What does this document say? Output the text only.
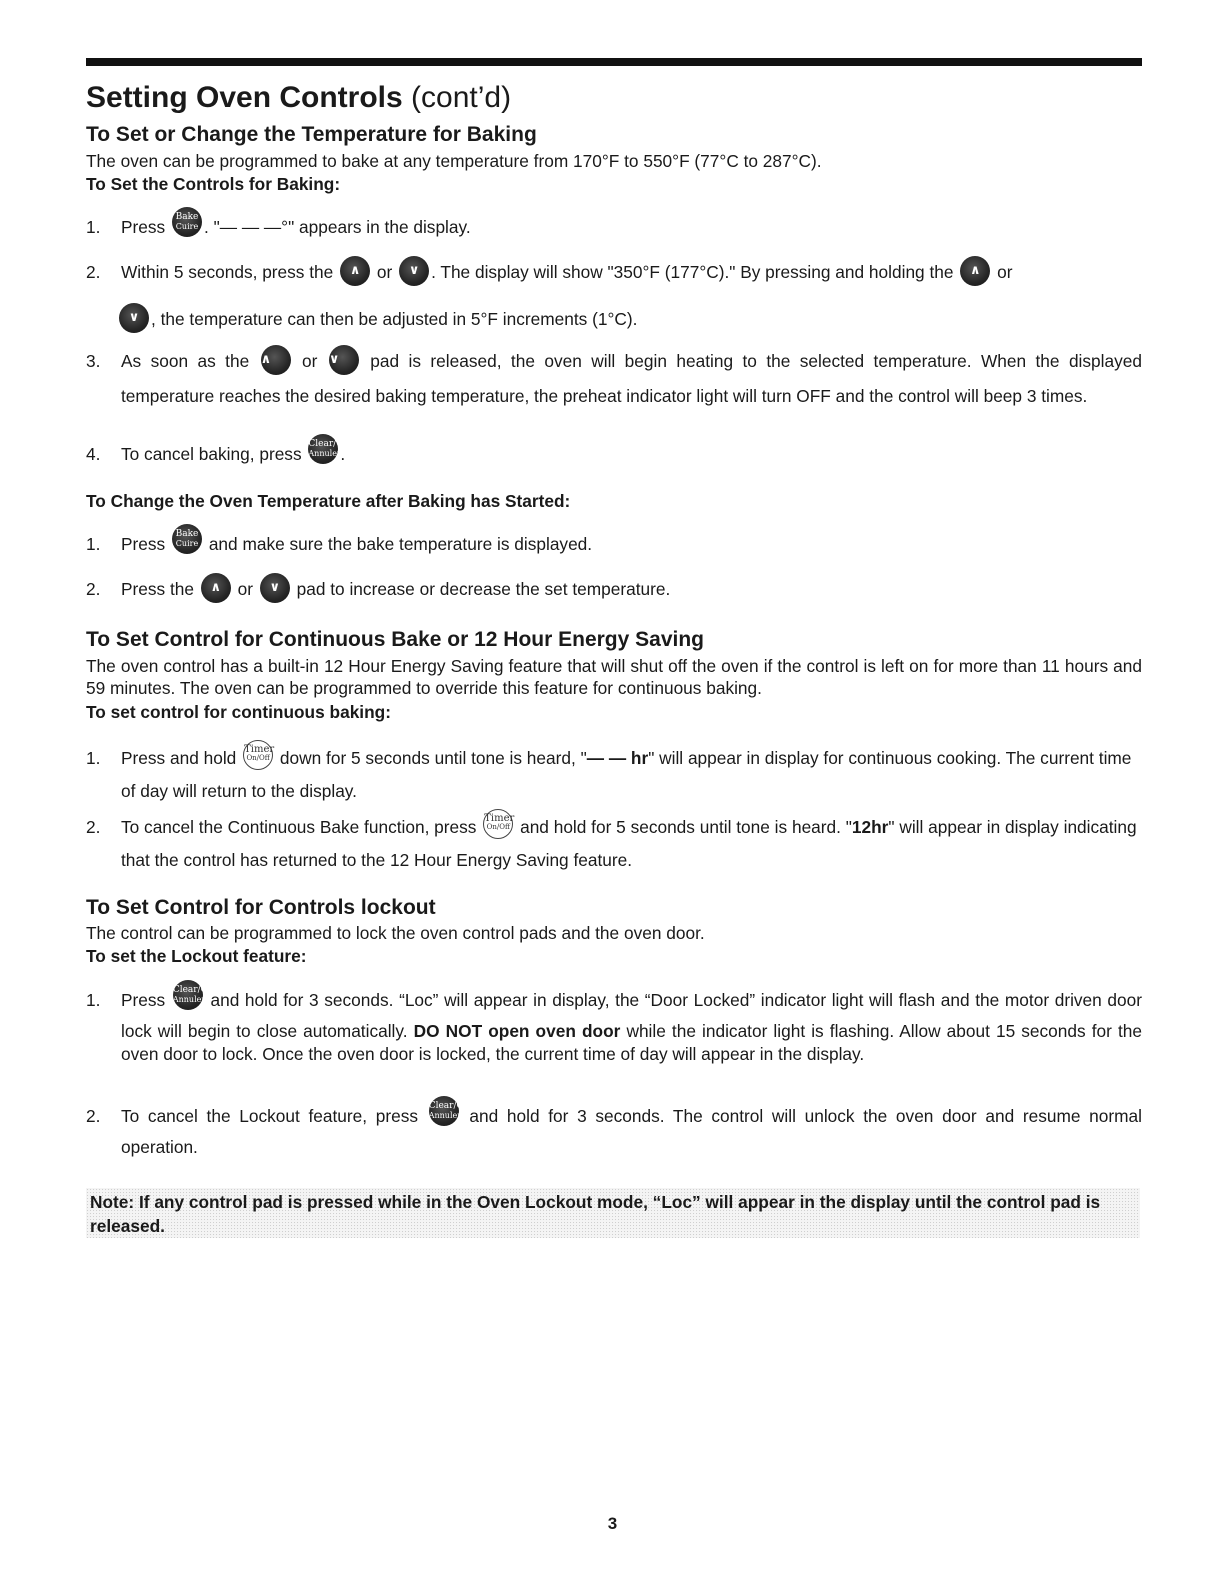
Setting Oven Controls (cont’d)
To Set or Change the Temperature for Baking

The oven can be programmed to bake at any temperature from 170°F to 550°F (77°C to 287°C).

To Set the Controls for Baking:

1. Press	Bake
Cuire . "— — —°" appears in the display.
2. Within 5 seconds, press the	∧ or	∨ . The display will show "350°F (177°C)." By pressing and holding the	∧ or

∨ , the temperature can then be adjusted in 5°F increments (1°C).
3. As soon as the ∧	or ∨	pad is released, the oven will begin heating to the selected temperature. When the displayed temperature reaches the desired baking temperature, the preheat indicator light will turn OFF and the control will beep 3 times.
4. To cancel baking, press Clear/Off
Annuler .

To Change the Oven Temperature after Baking has Started:

1. Press	Bake
Cuire and make sure the bake temperature is displayed.
2. Press the	∧ or	∨ pad to increase or decrease the set temperature.
To Set Control for Continuous Bake or 12 Hour Energy Saving

The oven control has a built-in 12 Hour Energy Saving feature that will shut off the oven if the control is left on for more than 11 hours and 59 minutes. The oven can be programmed to override this feature for continuous baking.

To set control for continuous baking:

1. Press and hold Timer
On/Off down for 5 seconds until tone is heard, "— — hr" will appear in display for continuous cooking. The current time of day will return to the display.
2. To cancel the Continuous Bake function, press Timer
On/Off and hold for 5 seconds until tone is heard. "12hr" will appear in display indicating that the control has returned to the 12 Hour Energy Saving feature.
To Set Control for Controls lockout

The control can be programmed to lock the oven control pads and the oven door.

To set the Lockout feature:

1. Press Clear/Off
Annuler and hold for 3 seconds. “Loc” will appear in display, the “Door Locked” indicator light will flash and the motor driven door lock will begin to close automatically. DO NOT open oven door while the indicator light is flashing. Allow about 15 seconds for the oven door to lock. Once the oven door is locked, the current time of day will appear in the display.
2. To cancel the Lockout feature, press Clear/Off
Annuler and hold for 3 seconds. The control will unlock the oven door and resume normal operation.
Note: If any control pad is pressed while in the Oven Lockout mode, “Loc” will appear in the display until the control pad is released.
3
